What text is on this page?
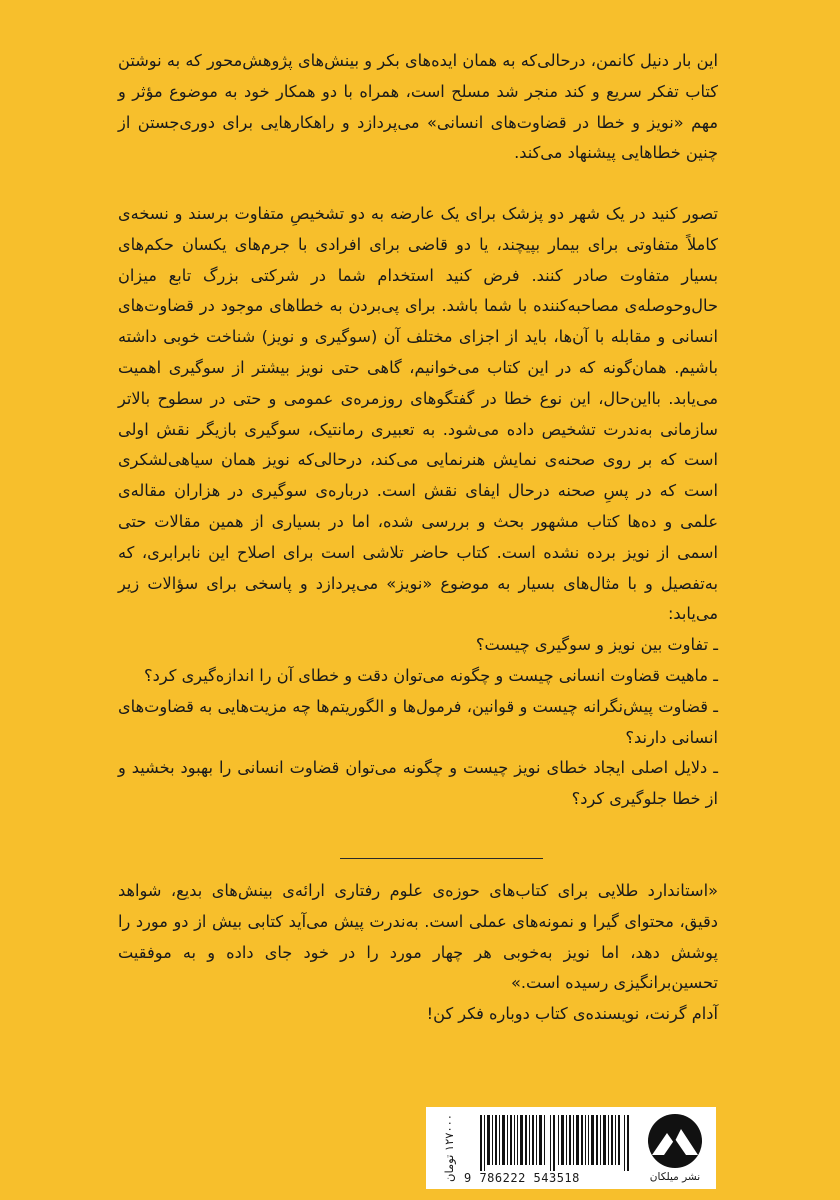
این بار دنیل کانمن، درحالی‌که به همان ایده‌های بکر و بینش‌های پژوهش‌محور که به نوشتن کتاب تفکر سریع و کند منجر شد مسلح است، همراه با دو همکار خود به موضوع مؤثر و مهم «نویز و خطا در قضاوت‌های انسانی» می‌پردازد و راهکارهایی برای دوری‌جستن از چنین خطاهایی پیشنهاد می‌کند.

تصور کنید در یک شهر دو پزشک برای یک عارضه به دو تشخیصِ متفاوت برسند و نسخه‌ی کاملاً متفاوتی برای بیمار بپیچند، یا دو قاضی برای افرادی با جرم‌های یکسان حکم‌های بسیار متفاوت صادر کنند. فرض کنید استخدام شما در شرکتی بزرگ تابع میزان حال‌وحوصله‌ی مصاحبه‌کننده با شما باشد. برای پی‌بردن به خطاهای موجود در قضاوت‌های انسانی و مقابله با آن‌ها، باید از اجزای مختلف آن (سوگیری و نویز) شناخت خوبی داشته باشیم. همان‌گونه که در این کتاب می‌خوانیم، گاهی حتی نویز بیشتر از سوگیری اهمیت می‌یابد. بااین‌حال، این نوع خطا در گفتگوهای روزمره‌ی عمومی و حتی در سطوح بالاتر سازمانی به‌ندرت تشخیص داده می‌شود. به تعبیری رمانتیک، سوگیری بازیگر نقش اولی است که بر روی صحنه‌ی نمایش هنرنمایی می‌کند، درحالی‌که نویز همان سیاهی‌لشکری است که در پسِ صحنه درحال ایفای نقش است. درباره‌ی سوگیری در هزاران مقاله‌ی علمی و ده‌ها کتاب مشهور بحث و بررسی شده، اما در بسیاری از همین مقالات حتی اسمی از نویز برده نشده است. کتاب حاضر تلاشی است برای اصلاح این نابرابری، که به‌تفصیل و با مثال‌های بسیار به موضوع «نویز» می‌پردازد و پاسخی برای سؤالات زیر می‌یابد:

ـ تفاوت بین نویز و سوگیری چیست؟
ـ ماهیت قضاوت انسانی چیست و چگونه می‌توان دقت و خطای آن را اندازه‌گیری کرد؟
ـ قضاوت پیش‌نگرانه چیست و قوانین، فرمول‌ها و الگوریتم‌ها چه مزیت‌هایی به قضاوت‌های انسانی دارند؟
ـ دلایل اصلی ایجاد خطای نویز چیست و چگونه می‌توان قضاوت انسانی را بهبود بخشید و از خطا جلوگیری کرد؟

«استاندارد طلایی برای کتاب‌های حوزه‌ی علوم رفتاری ارائه‌ی بینش‌های بدیع، شواهد دقیق، محتوای گیرا و نمونه‌های عملی است. به‌ندرت پیش می‌آید کتابی بیش از دو مورد را پوشش دهد، اما نویز به‌خوبی هر چهار مورد را در خود جای داده و به موفقیت تحسین‌برانگیزی رسیده است.»

آدام گرنت، نویسنده‌ی کتاب دوباره فکر کن!

۱۲۷۰۰۰ تومان
9 786222 543518	نشر میلکان
